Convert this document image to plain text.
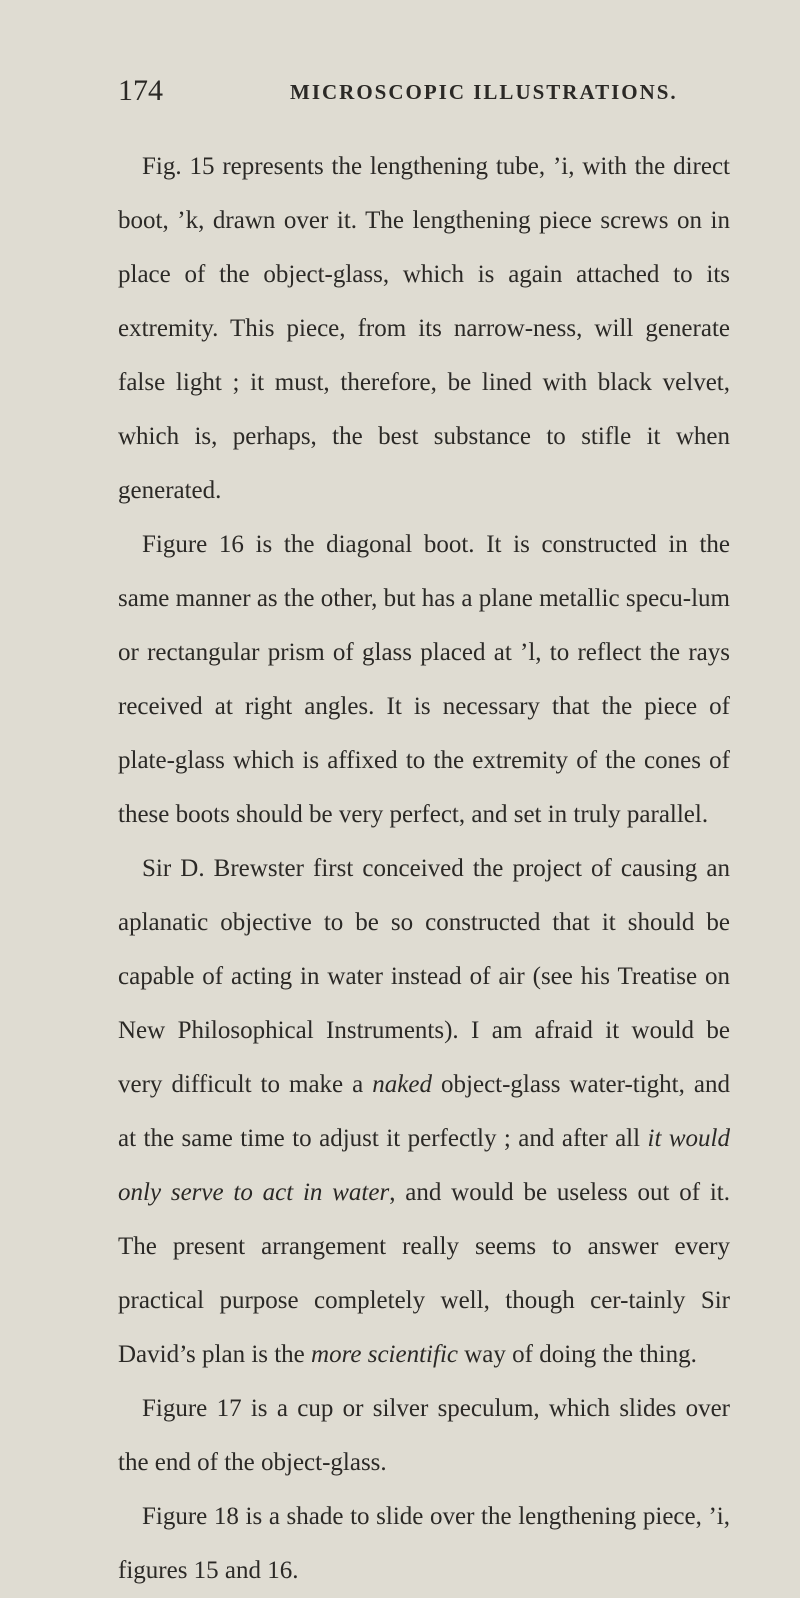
174	MICROSCOPIC ILLUSTRATIONS.

Fig. 15 represents the lengthening tube, ’i, with the direct boot, ’k, drawn over it. The lengthening piece screws on in place of the object-glass, which is again attached to its extremity. This piece, from its narrow-ness, will generate false light ; it must, therefore, be lined with black velvet, which is, perhaps, the best substance to stifle it when generated.

Figure 16 is the diagonal boot. It is constructed in the same manner as the other, but has a plane metallic specu-lum or rectangular prism of glass placed at ’l, to reflect the rays received at right angles. It is necessary that the piece of plate-glass which is affixed to the extremity of the cones of these boots should be very perfect, and set in truly parallel.

Sir D. Brewster first conceived the project of causing an aplanatic objective to be so constructed that it should be capable of acting in water instead of air (see his Treatise on New Philosophical Instruments). I am afraid it would be very difficult to make a naked object-glass water-tight, and at the same time to adjust it perfectly ; and after all it would only serve to act in water, and would be useless out of it. The present arrangement really seems to answer every practical purpose completely well, though cer-tainly Sir David’s plan is the more scientific way of doing the thing.

Figure 17 is a cup or silver speculum, which slides over the end of the object-glass.

Figure 18 is a shade to slide over the lengthening piece, ’i, figures 15 and 16.
